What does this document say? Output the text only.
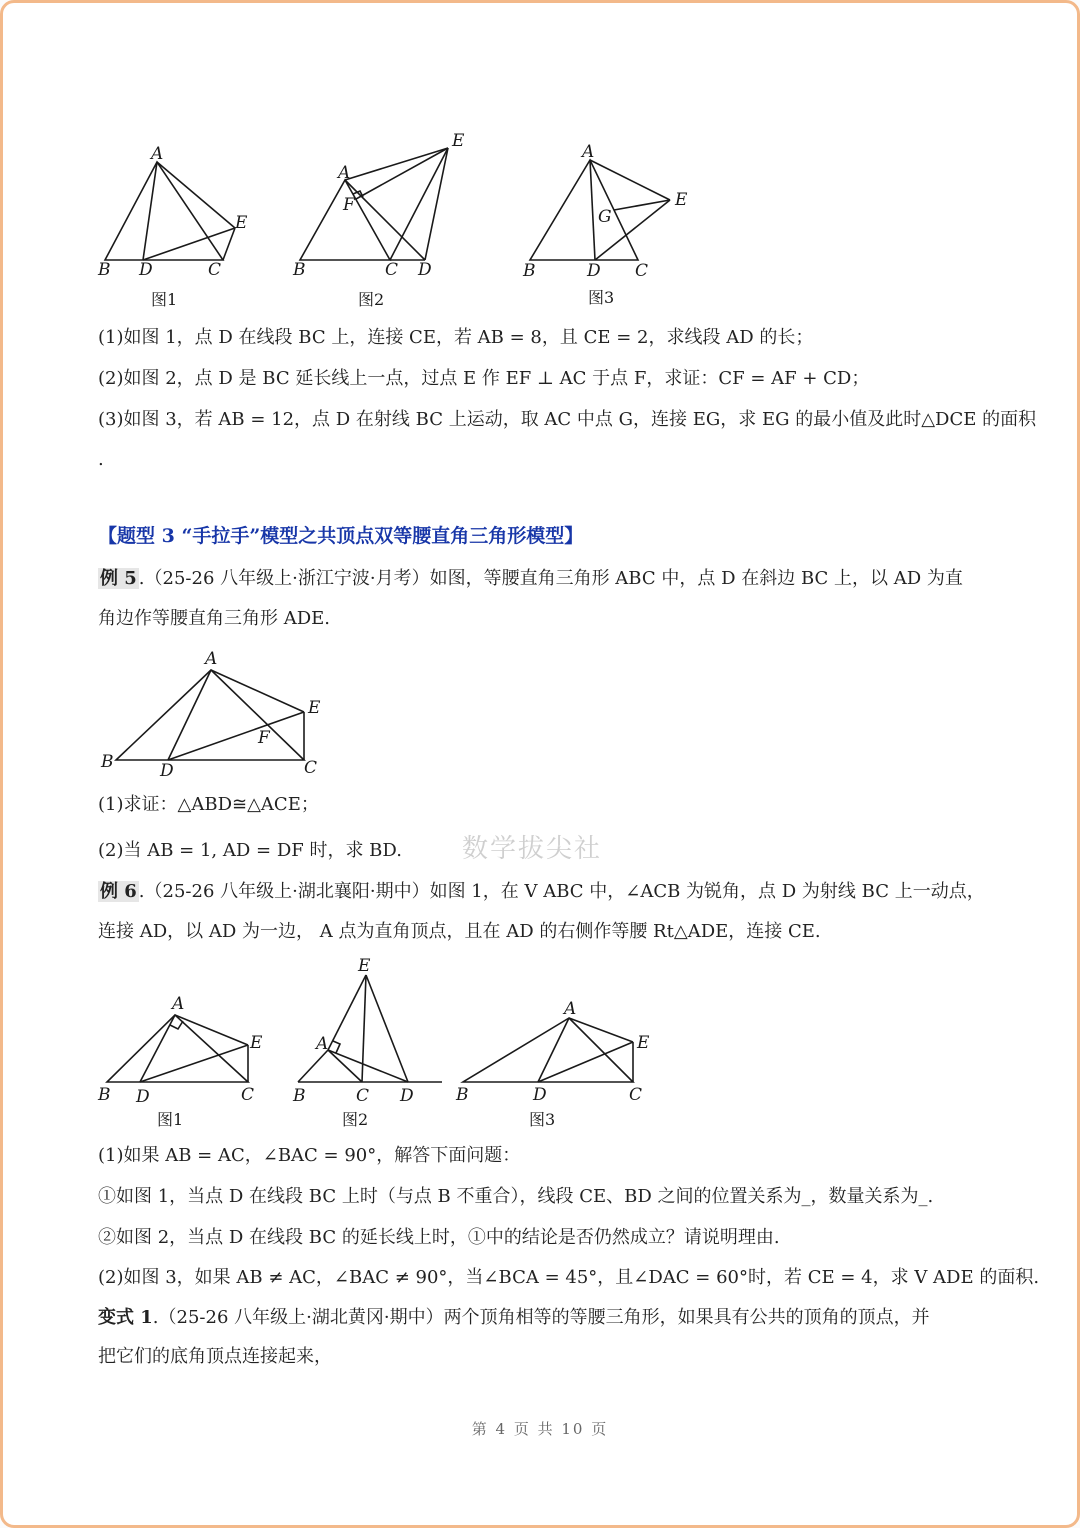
A
B D	C
E
图1
E
A
F
B	C D
图2
A
E
G
B	D C
图3
(1)如图 1，点 D 在线段 BC 上，连接 CE，若 AB = 8，且 CE = 2，求线段 AD 的长；
(2)如图 2，点 D 是 BC 延长线上一点，过点 E 作 EF ⊥ AC 于点 F，求证：CF = AF + CD；
(3)如图 3，若 AB = 12，点 D 在射线 BC 上运动，取 AC 中点 G，连接 EG，求 EG 的最小值及此时△DCE 的面积
.
【题型 3 “手拉手”模型之共顶点双等腰直角三角形模型】
例 5 .（25-26 八年级上·浙江宁波·月考）如图，等腰直角三角形 ABC 中，点 D 在斜边 BC 上，以 AD 为直
角边作等腰直角三角形 ADE.
A
E
F
B	D	C
(1)求证：△ABD≅△ACE；
(2)当 AB = 1, AD = DF 时，求 BD.	数学拔尖社
例 6 .（25-26 八年级上·湖北襄阳·期中）如图 1，在 V ABC 中，∠ACB 为锐角，点 D 为射线 BC 上一动点，
连接 AD，以 AD 为一边， A 点为直角顶点，且在 AD 的右侧作等腰 Rt△ADE，连接 CE.
A
E
B D	C
图1
E
A
B	C D
图2
A
E
B	D	C
图3
(1)如果 AB = AC，∠BAC = 90°，解答下面问题：
①如图 1，当点 D 在线段 BC 上时（与点 B 不重合），线段 CE、BD 之间的位置关系为_，数量关系为_.
②如图 2，当点 D 在线段 BC 的延长线上时，①中的结论是否仍然成立？请说明理由.
(2)如图 3，如果 AB ≠ AC，∠BAC ≠ 90°，当∠BCA = 45°，且∠DAC = 60°时，若 CE = 4，求 V ADE 的面积.
变式 1.（25-26 八年级上·湖北黄冈·期中）两个顶角相等的等腰三角形，如果具有公共的顶角的顶点，并
把它们的底角顶点连接起来，
第 4 页 共 10 页
